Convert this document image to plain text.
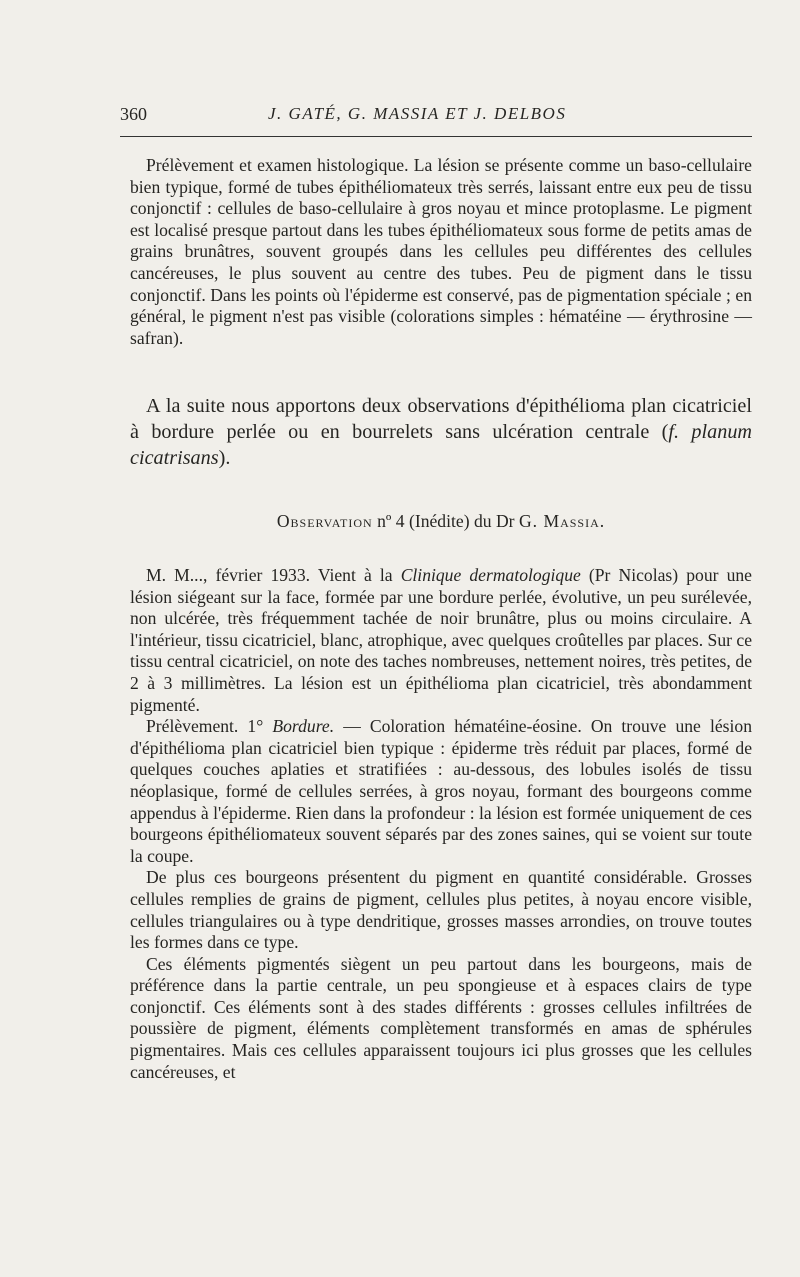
360	J. GATÉ, G. MASSIA ET J. DELBOS

Prélèvement et examen histologique. La lésion se présente comme un baso-cellulaire bien typique, formé de tubes épithéliomateux très serrés, laissant entre eux peu de tissu conjonctif : cellules de baso-cellulaire à gros noyau et mince protoplasme. Le pigment est localisé presque partout dans les tubes épithéliomateux sous forme de petits amas de grains brunâtres, souvent groupés dans les cellules peu différentes des cellules cancéreuses, le plus souvent au centre des tubes. Peu de pigment dans le tissu conjonctif. Dans les points où l'épiderme est conservé, pas de pigmentation spéciale ; en général, le pigment n'est pas visible (colorations simples : hématéine — érythrosine — safran).

A la suite nous apportons deux observations d'épithélioma plan cicatriciel à bordure perlée ou en bourrelets sans ulcération centrale (f. planum cicatrisans).

Observation nº 4 (Inédite) du Dr G. Massia.

M. M..., février 1933. Vient à la Clinique dermatologique (Pr Nicolas) pour une lésion siégeant sur la face, formée par une bordure perlée, évolutive, un peu surélevée, non ulcérée, très fréquemment tachée de noir brunâtre, plus ou moins circulaire. A l'intérieur, tissu cicatriciel, blanc, atrophique, avec quelques croûtelles par places. Sur ce tissu central cicatriciel, on note des taches nombreuses, nettement noires, très petites, de 2 à 3 millimètres. La lésion est un épithélioma plan cicatriciel, très abondamment pigmenté.

Prélèvement. 1° Bordure. — Coloration hématéine-éosine. On trouve une lésion d'épithélioma plan cicatriciel bien typique : épiderme très réduit par places, formé de quelques couches aplaties et stratifiées : au-dessous, des lobules isolés de tissu néoplasique, formé de cellules serrées, à gros noyau, formant des bourgeons comme appendus à l'épiderme. Rien dans la profondeur : la lésion est formée uniquement de ces bourgeons épithéliomateux souvent séparés par des zones saines, qui se voient sur toute la coupe.

De plus ces bourgeons présentent du pigment en quantité considérable. Grosses cellules remplies de grains de pigment, cellules plus petites, à noyau encore visible, cellules triangulaires ou à type dendritique, grosses masses arrondies, on trouve toutes les formes dans ce type.

Ces éléments pigmentés siègent un peu partout dans les bourgeons, mais de préférence dans la partie centrale, un peu spongieuse et à espaces clairs de type conjonctif. Ces éléments sont à des stades différents : grosses cellules infiltrées de poussière de pigment, éléments complètement transformés en amas de sphérules pigmentaires. Mais ces cellules apparaissent toujours ici plus grosses que les cellules cancéreuses, et
